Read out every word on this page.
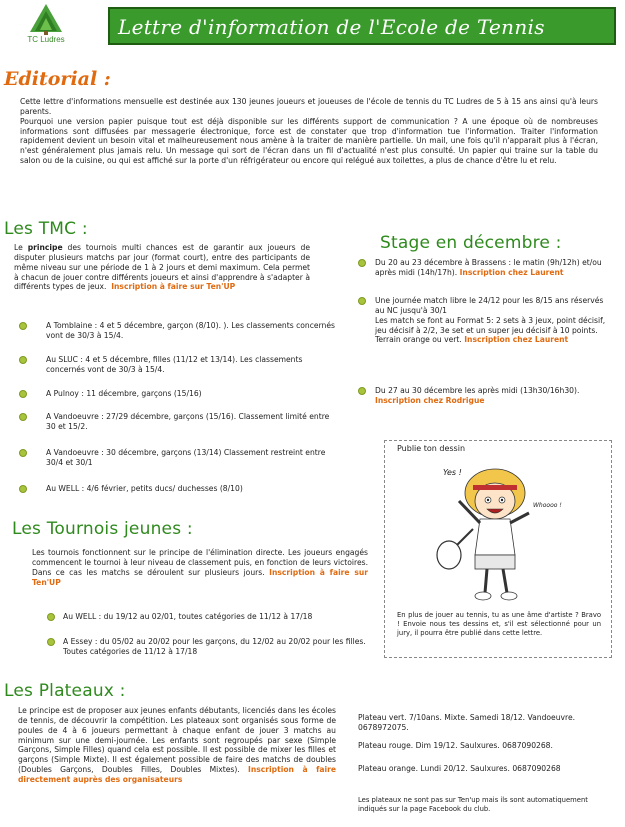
TC Ludres
Lettre d'information de l'Ecole de Tennis
Editorial :

Cette lettre d'informations mensuelle est destinée aux 130 jeunes joueurs et joueuses de l'école de tennis du TC Ludres de 5 à 15 ans ainsi qu'à leurs parents.

Pourquoi une version papier puisque tout est déjà disponible sur les différents support de communication ? A une époque où de nombreuses informations sont diffusées par messagerie électronique, force est de constater que trop d'information tue l'information. Traiter l'information rapidement devient un besoin vital et malheureusement nous amène à la traiter de manière partielle. Un mail, une fois qu'il n'apparait plus à l'écran, n'est généralement plus jamais relu. Un message qui sort de l'écran dans un fil d'actualité n'est plus consulté. Un papier qui traine sur la table du salon ou de la cuisine, ou qui est affiché sur la porte d'un réfrigérateur ou encore qui relégué aux toilettes, a plus de chance d'être lu et relu.

Les TMC :
Le principe des tournois multi chances est de garantir aux joueurs de disputer plusieurs matchs par jour (format court), entre des participants de même niveau sur une période de 1 à 2 jours et demi maximum. Cela permet à chacun de jouer contre différents joueurs et ainsi d'apprendre à s'adapter à différents types de jeux. Inscription à faire sur Ten'UP
A Tomblaine : 4 et 5 décembre, garçon (8/10). ). Les classements concernés vont de 30/3 à 15/4.
Au SLUC : 4 et 5 décembre, filles (11/12 et 13/14). Les classements concernés vont de 30/3 à 15/4.
A Pulnoy : 11 décembre, garçons (15/16)
A Vandoeuvre : 27/29 décembre, garçons (15/16). Classement limité entre 30 et 15/2.
A Vandoeuvre : 30 décembre, garçons (13/14) Classement restreint entre 30/4 et 30/1
Au WELL : 4/6 février, petits ducs/ duchesses (8/10)
Stage en décembre :
Du 20 au 23 décembre à Brassens : le matin (9h/12h) et/ou après midi (14h/17h). Inscription chez Laurent
Une journée match libre le 24/12 pour les 8/15 ans réservés au NC jusqu'à 30/1
Les match se font au Format 5: 2 sets à 3 jeux, point décisif, jeu décisif à 2/2, 3e set et un super jeu décisif à 10 points. Terrain orange ou vert. Inscription chez Laurent
Du 27 au 30 décembre les après midi (13h30/16h30). Inscription chez Rodrigue
Publie ton dessin
Yes !
Whoooo !
En plus de jouer au tennis, tu as une âme d'artiste ? Bravo ! Envoie nous tes dessins et, s'il est sélectionné pour un jury, il pourra être publié dans cette lettre.
Les Tournois jeunes :
Les tournois fonctionnent sur le principe de l'élimination directe. Les joueurs engagés commencent le tournoi à leur niveau de classement puis, en fonction de leurs victoires. Dans ce cas les matchs se déroulent sur plusieurs jours. Inscription à faire sur Ten'UP
Au WELL : du 19/12 au 02/01, toutes catégories de 11/12 à 17/18
A Essey : du 05/02 au 20/02 pour les garçons, du 12/02 au 20/02 pour les filles. Toutes catégories de 11/12 à 17/18
Les Plateaux :
Le principe est de proposer aux jeunes enfants débutants, licenciés dans les écoles de tennis, de découvrir la compétition. Les plateaux sont organisés sous forme de poules de 4 à 6 joueurs permettant à chaque enfant de jouer 3 matchs au minimum sur une demi-journée. Les enfants sont regroupés par sexe (Simple Garçons, Simple Filles) quand cela est possible. Il est possible de mixer les filles et garçons (Simple Mixte). Il est également possible de faire des matchs de doubles (Doubles Garçons, Doubles Filles, Doubles Mixtes). Inscription à faire directement auprès des organisateurs
Plateau vert. 7/10ans. Mixte. Samedi 18/12. Vandoeuvre. 0678972075.
Plateau rouge. Dim 19/12. Saulxures. 0687090268.
Plateau orange. Lundi 20/12. Saulxures. 0687090268
Les plateaux ne sont pas sur Ten'up mais ils sont automatiquement indiqués sur la page Facebook du club.
